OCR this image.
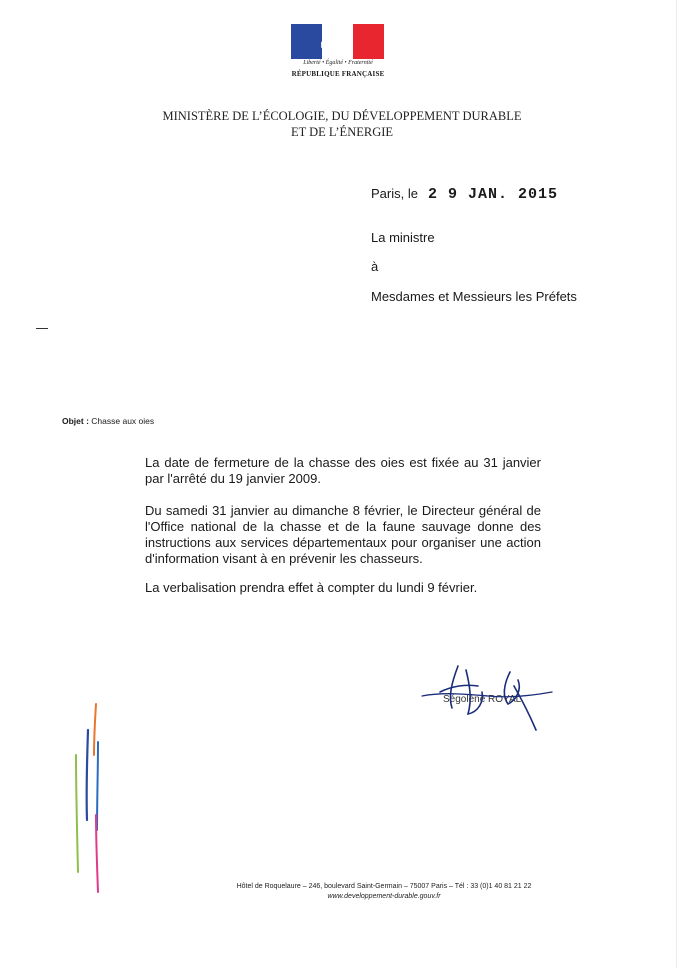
Liberté • Égalité • Fraternité
RÉPUBLIQUE FRANÇAISE
MINISTÈRE DE L’ÉCOLOGIE, DU DÉVELOPPEMENT DURABLE
ET DE L’ÉNERGIE
Paris, le 2 9 JAN. 2015
La ministre
à
Mesdames et Messieurs les Préfets
Objet : Chasse aux oies
La date de fermeture de la chasse des oies est fixée au 31 janvier par l'arrêté du 19 janvier 2009.
Du samedi 31 janvier au dimanche 8 février, le Directeur général de l'Office national de la chasse et de la faune sauvage donne des instructions aux services départementaux pour organiser une action d'information visant à en prévenir les chasseurs.
La verbalisation prendra effet à compter du lundi 9 février.
Ségolène ROYAL
Hôtel de Roquelaure – 246, boulevard Saint-Germain – 75007 Paris – Tél : 33 (0)1 40 81 21 22
www.developpement-durable.gouv.fr
